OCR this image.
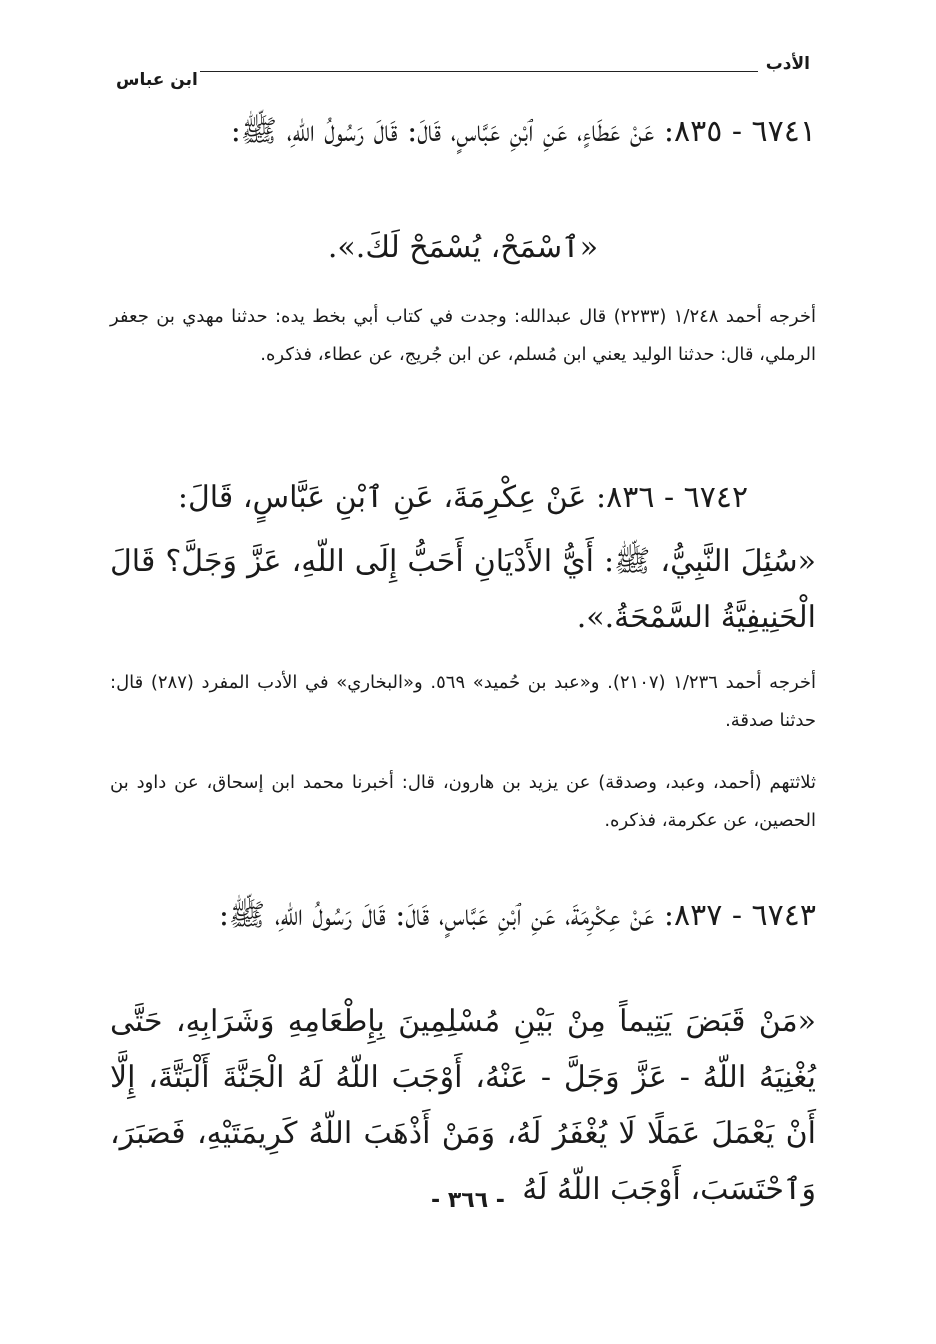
الأدب
ابن عباس
٦٧٤١ - ٨٣٥: عَنْ عَطَاءٍ، عَنِ ٱبْنِ عَبَّاسٍ، قَالَ: قَالَ رَسُولُ اللّهِ، ﷺ:
«ٱسْمَحْ، يُسْمَحْ لَكَ.».
أخرجه أحمد ١/٢٤٨ (٢٢٣٣) قال عبدالله: وجدت في كتاب أبي بخط يده: حدثنا مهدي بن جعفر الرملي، قال: حدثنا الوليد يعني ابن مُسلم، عن ابن جُريج، عن عطاء، فذكره.
٦٧٤٢ - ٨٣٦: عَنْ عِكْرِمَةَ، عَنِ ٱبْنِ عَبَّاسٍ، قَالَ:
«سُئِلَ النَّبِيُّ، ﷺ: أَيُّ الأَدْيَانِ أَحَبُّ إِلَى اللّهِ، عَزَّ وَجَلَّ؟ قَالَ الْحَنِيفِيَّةُ السَّمْحَةُ.».
أخرجه أحمد ١/٢٣٦ (٢١٠٧). و«عبد بن حُميد» ٥٦٩. و«البخاري» في الأدب المفرد (٢٨٧) قال: حدثنا صدقة.
ثلاثتهم (أحمد، وعبد، وصدقة) عن يزيد بن هارون، قال: أخبرنا محمد ابن إسحاق، عن داود بن الحصين، عن عكرمة، فذكره.
٦٧٤٣ - ٨٣٧: عَنْ عِكْرِمَةَ، عَنِ ٱبْنِ عَبَّاسٍ، قَالَ: قَالَ رَسُولُ اللّهِ، ﷺ:
«مَنْ قَبَضَ يَتِيماً مِنْ بَيْنِ مُسْلِمِينَ بِإِطْعَامِهِ وَشَرَابِهِ، حَتَّى يُغْنِيَهُ اللّهُ - عَزَّ وَجَلَّ - عَنْهُ، أَوْجَبَ اللّهُ لَهُ الْجَنَّةَ أَلْبَتَّةَ، إِلَّا أَنْ يَعْمَلَ عَمَلًا لَا يُغْفَرُ لَهُ، وَمَنْ أَذْهَبَ اللّهُ كَرِيمَتَيْهِ، فَصَبَرَ، وَٱحْتَسَبَ، أَوْجَبَ اللّهُ لَهُ
- ٣٦٦ -
